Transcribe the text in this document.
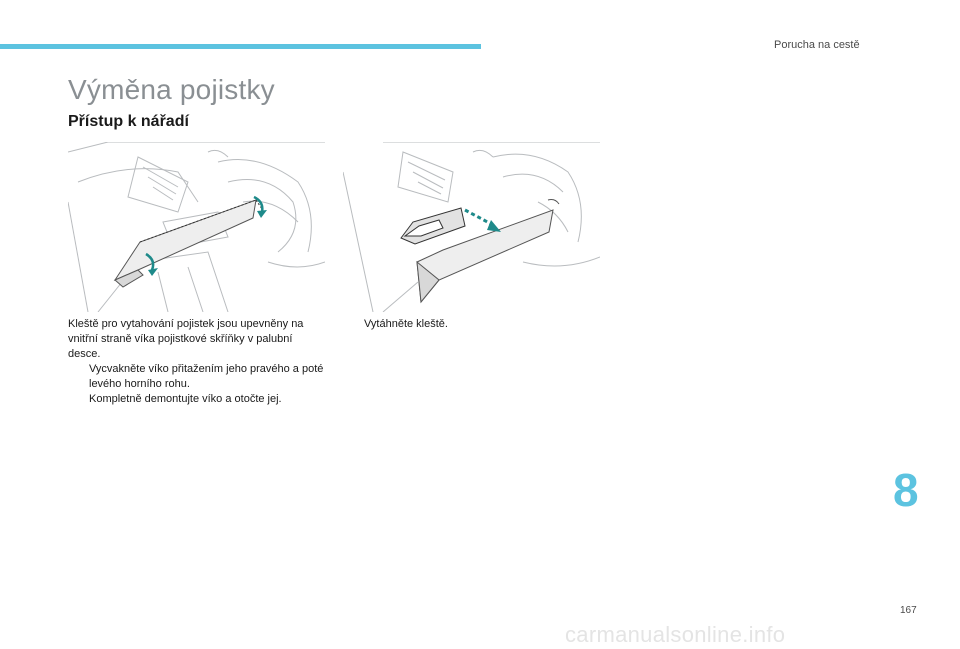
Porucha na cestě
Výměna pojistky
Přístup k nářadí

Kleště pro vytahování pojistek jsou upevněny na vnitřní straně víka pojistkové skříňky v palubní desce.

Vycvakněte víko přitažením jeho pravého a poté levého horního rohu.

Kompletně demontujte víko a otočte jej.

Vytáhněte kleště.

8
167
carmanualsonline.info
